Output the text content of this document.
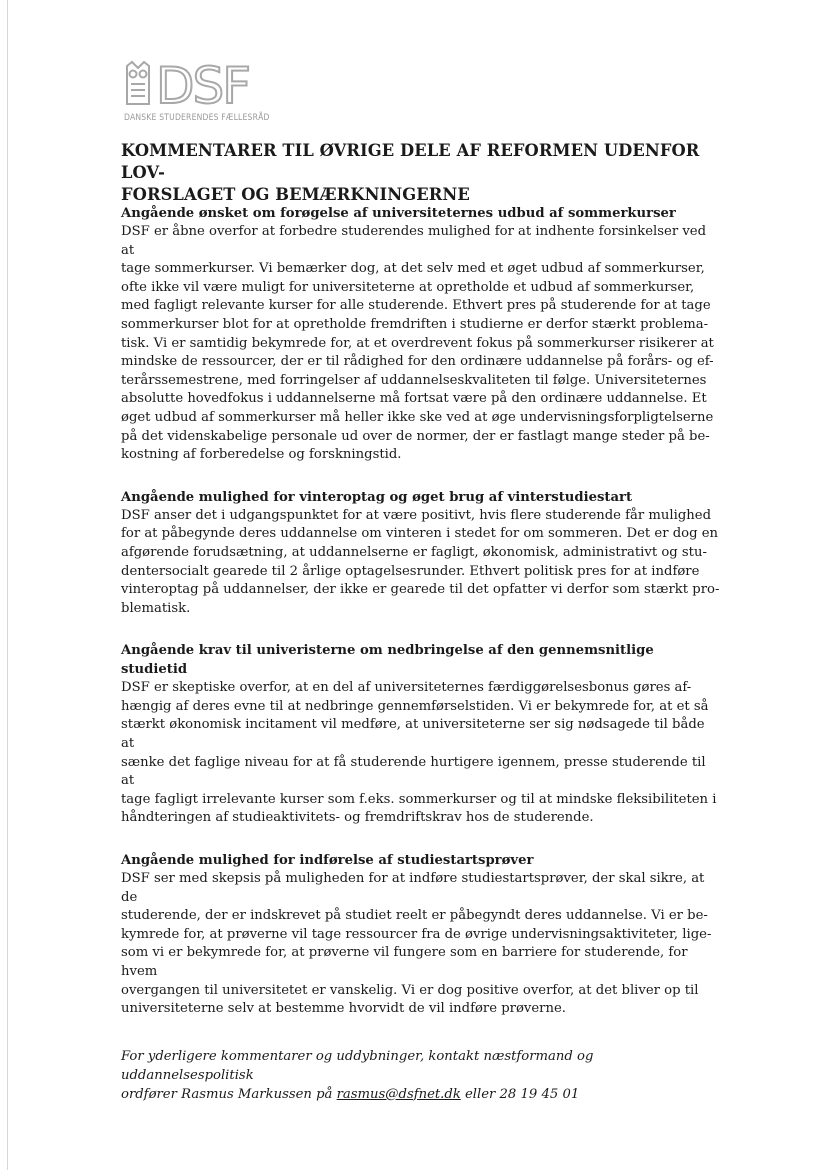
DSF
DANSKE STUDERENDES FÆLLESRÅD
KOMMENTARER TIL ØVRIGE DELE AF REFORMEN UDENFOR LOV-
FORSLAGET OG BEMÆRKNINGERNE

Angående ønsket om forøgelse af universiteternes udbud af sommerkurser

DSF er åbne overfor at forbedre studerendes mulighed for at indhente forsinkelser ved at
tage sommerkurser. Vi bemærker dog, at det selv med et øget udbud af sommerkurser,
ofte ikke vil være muligt for universiteterne at opretholde et udbud af sommerkurser,
med fagligt relevante kurser for alle studerende. Ethvert pres på studerende for at tage
sommerkurser blot for at opretholde fremdriften i studierne er derfor stærkt problema-
tisk. Vi er samtidig bekymrede for, at et overdrevent fokus på sommerkurser risikerer at
mindske de ressourcer, der er til rådighed for den ordinære uddannelse på forårs- og ef-
terårssemestrene, med forringelser af uddannelseskvaliteten til følge. Universiteternes
absolutte hovedfokus i uddannelserne må fortsat være på den ordinære uddannelse. Et
øget udbud af sommerkurser må heller ikke ske ved at øge undervisningsforpligtelserne
på det videnskabelige personale ud over de normer, der er fastlagt mange steder på be-
kostning af forberedelse og forskningstid.

Angående mulighed for vinteroptag og øget brug af vinterstudiestart

DSF anser det i udgangspunktet for at være positivt, hvis flere studerende får mulighed
for at påbegynde deres uddannelse om vinteren i stedet for om sommeren. Det er dog en
afgørende forudsætning, at uddannelserne er fagligt, økonomisk, administrativt og stu-
dentersocialt gearede til 2 årlige optagelsesrunder. Ethvert politisk pres for at indføre
vinteroptag på uddannelser, der ikke er gearede til det opfatter vi derfor som stærkt pro-
blematisk.

Angående krav til univeristerne om nedbringelse af den gennemsnitlige studietid

DSF er skeptiske overfor, at en del af universiteternes færdiggørelsesbonus gøres af-
hængig af deres evne til at nedbringe gennemførselstiden. Vi er bekymrede for, at et så
stærkt økonomisk incitament vil medføre, at universiteterne ser sig nødsagede til både at
sænke det faglige niveau for at få studerende hurtigere igennem, presse studerende til at
tage fagligt irrelevante kurser som f.eks. sommerkurser og til at mindske fleksibiliteten i
håndteringen af studieaktivitets- og fremdriftskrav hos de studerende.

Angående mulighed for indførelse af studiestartsprøver

DSF ser med skepsis på muligheden for at indføre studiestartsprøver, der skal sikre, at de
studerende, der er indskrevet på studiet reelt er påbegyndt deres uddannelse. Vi er be-
kymrede for, at prøverne vil tage ressourcer fra de øvrige undervisningsaktiviteter, lige-
som vi er bekymrede for, at prøverne vil fungere som en barriere for studerende, for hvem
overgangen til universitetet er vanskelig. Vi er dog positive overfor, at det bliver op til
universiteterne selv at bestemme hvorvidt de vil indføre prøverne.

For yderligere kommentarer og uddybninger, kontakt næstformand og uddannelsespolitisk

ordfører Rasmus Markussen på rasmus@dsfnet.dk eller 28 19 45 01
